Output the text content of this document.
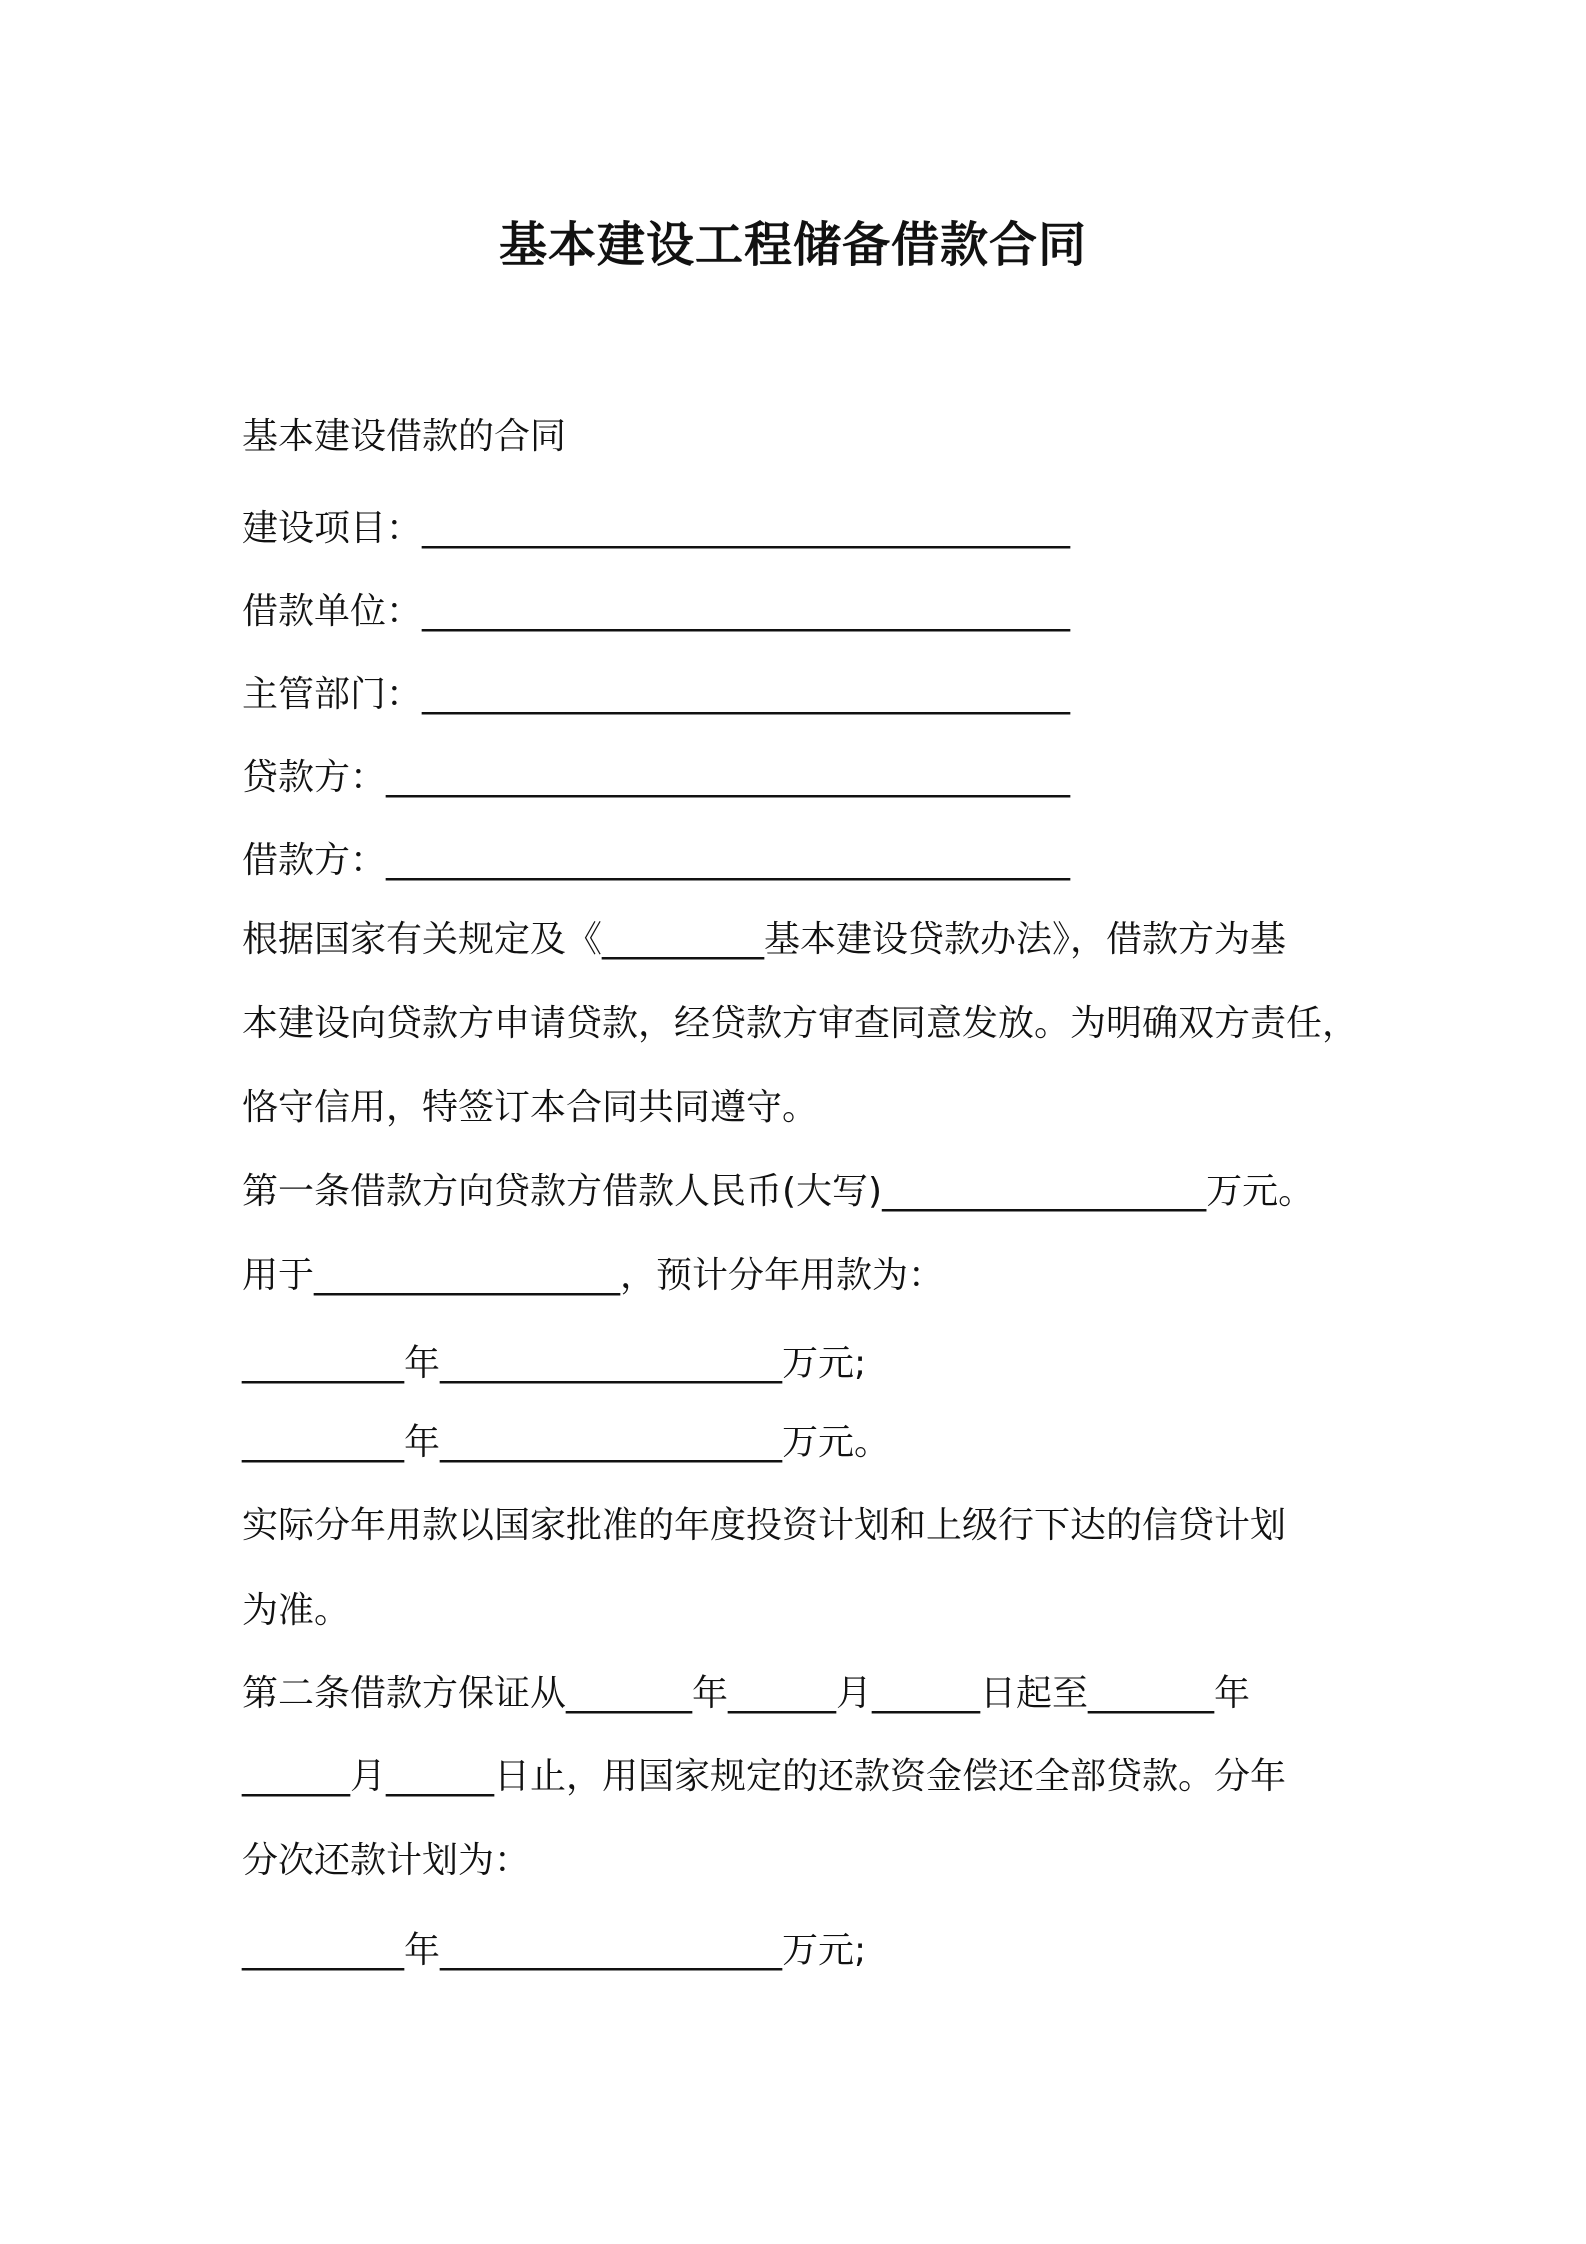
基本建设工程储备借款合同
基本建设借款的合同
建设项目：____________________________________
借款单位：____________________________________
主管部门：____________________________________
贷款方：______________________________________
借款方：______________________________________
根据国家有关规定及《_________基本建设贷款办法》，借款方为基
本建设向贷款方申请贷款，经贷款方审查同意发放。为明确双方责任，
恪守信用，特签订本合同共同遵守。
第一条借款方向贷款方借款人民币(大写)__________________万元。
用于_________________，预计分年用款为：
_________年___________________万元;
_________年___________________万元。
实际分年用款以国家批准的年度投资计划和上级行下达的信贷计划
为准。
第二条借款方保证从_______年______月______日起至_______年
______月______日止，用国家规定的还款资金偿还全部贷款。分年
分次还款计划为：
_________年___________________万元;
